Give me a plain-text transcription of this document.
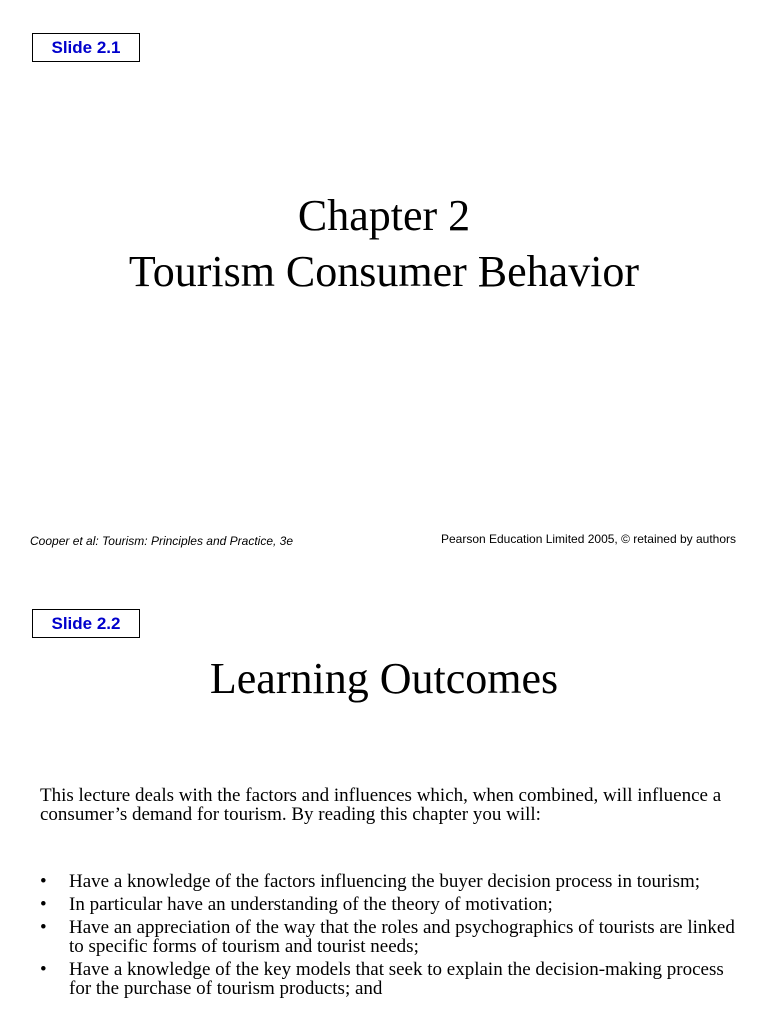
Slide 2.1
Chapter 2
Tourism Consumer Behavior
Cooper et al: Tourism: Principles and Practice, 3e	Pearson Education Limited 2005, © retained by authors
Slide 2.2
Learning Outcomes
This lecture deals with the factors and influences which, when combined, will influence a consumer’s demand for tourism. By reading this chapter you will:
• Have a knowledge of the factors influencing the buyer decision process in tourism;
• In particular have an understanding of the theory of motivation;
• Have an appreciation of the way that the roles and psychographics of tourists are linked to specific forms of tourism and tourist needs;
• Have a knowledge of the key models that seek to explain the decision-making process for the purchase of tourism products; and
